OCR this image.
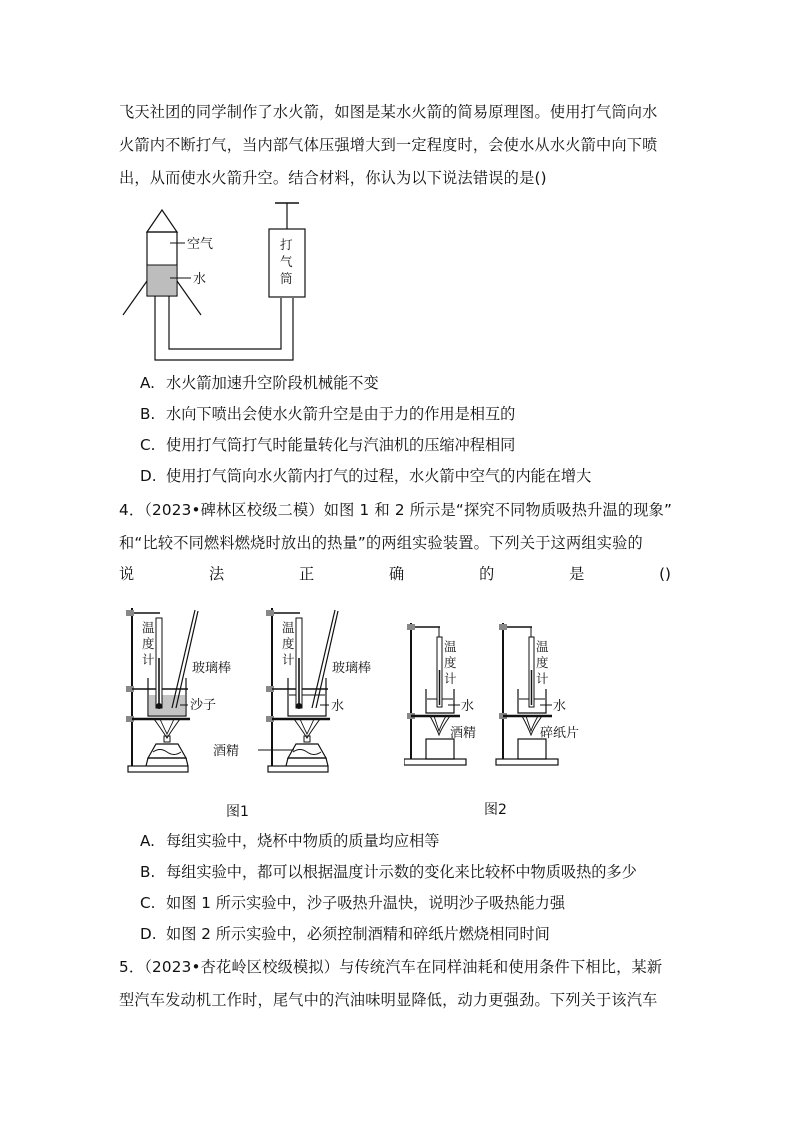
飞天社团的同学制作了水火箭，如图是某水火箭的简易原理图。使用打气筒向水
火箭内不断打气，当内部气体压强增大到一定程度时，会使水从水火箭中向下喷
出，从而使水火箭升空。结合材料，你认为以下说法错误的是()
空气
水
打
气
筒
A. 水火箭加速升空阶段机械能不变
B. 水向下喷出会使水火箭升空是由于力的作用是相互的
C. 使用打气筒打气时能量转化与汽油机的压缩冲程相同
D. 使用打气筒向水火箭内打气的过程，水火箭中空气的内能在增大
4．（2023•碑林区校级二模）如图 1 和 2 所示是“探究不同物质吸热升温的现象”
和“比较不同燃料燃烧时放出的热量”的两组实验装置。下列关于这两组实验的
说	法	正	确	的	是	()
温
度
计
玻璃棒
沙子
温
度
计
玻璃棒
水
酒精
温
度
计
水
酒精
温
度
计
水
碎纸片
图1	图2
A. 每组实验中，烧杯中物质的质量均应相等
B. 每组实验中，都可以根据温度计示数的变化来比较杯中物质吸热的多少
C. 如图 1 所示实验中，沙子吸热升温快，说明沙子吸热能力强
D. 如图 2 所示实验中，必须控制酒精和碎纸片燃烧相同时间
5．（2023•杏花岭区校级模拟）与传统汽车在同样油耗和使用条件下相比，某新
型汽车发动机工作时，尾气中的汽油味明显降低，动力更强劲。下列关于该汽车
